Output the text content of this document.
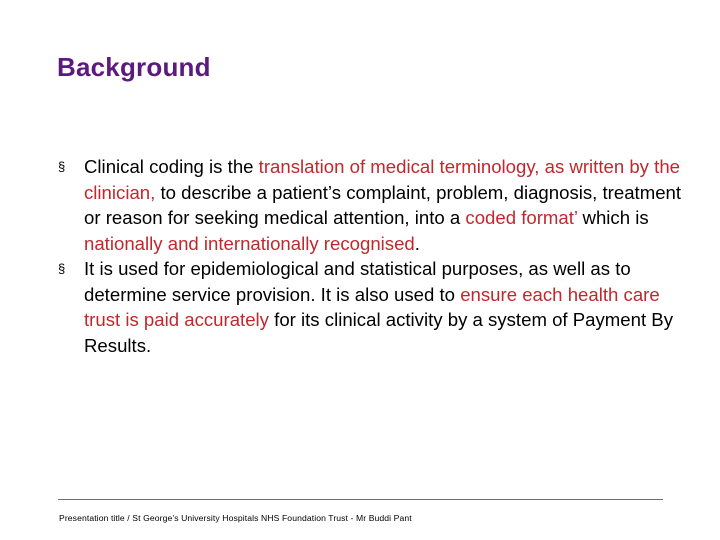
Background
§ Clinical coding is the translation of medical terminology, as written by the clinician, to describe a patient’s complaint, problem, diagnosis, treatment or reason for seeking medical attention, into a coded format’ which is nationally and internationally recognised.
§ It is used for epidemiological and statistical purposes, as well as to determine service provision. It is also used to ensure each health care trust is paid accurately for its clinical activity by a system of Payment By Results.
Presentation title / St George’s University Hospitals NHS Foundation Trust - Mr Buddi Pant
